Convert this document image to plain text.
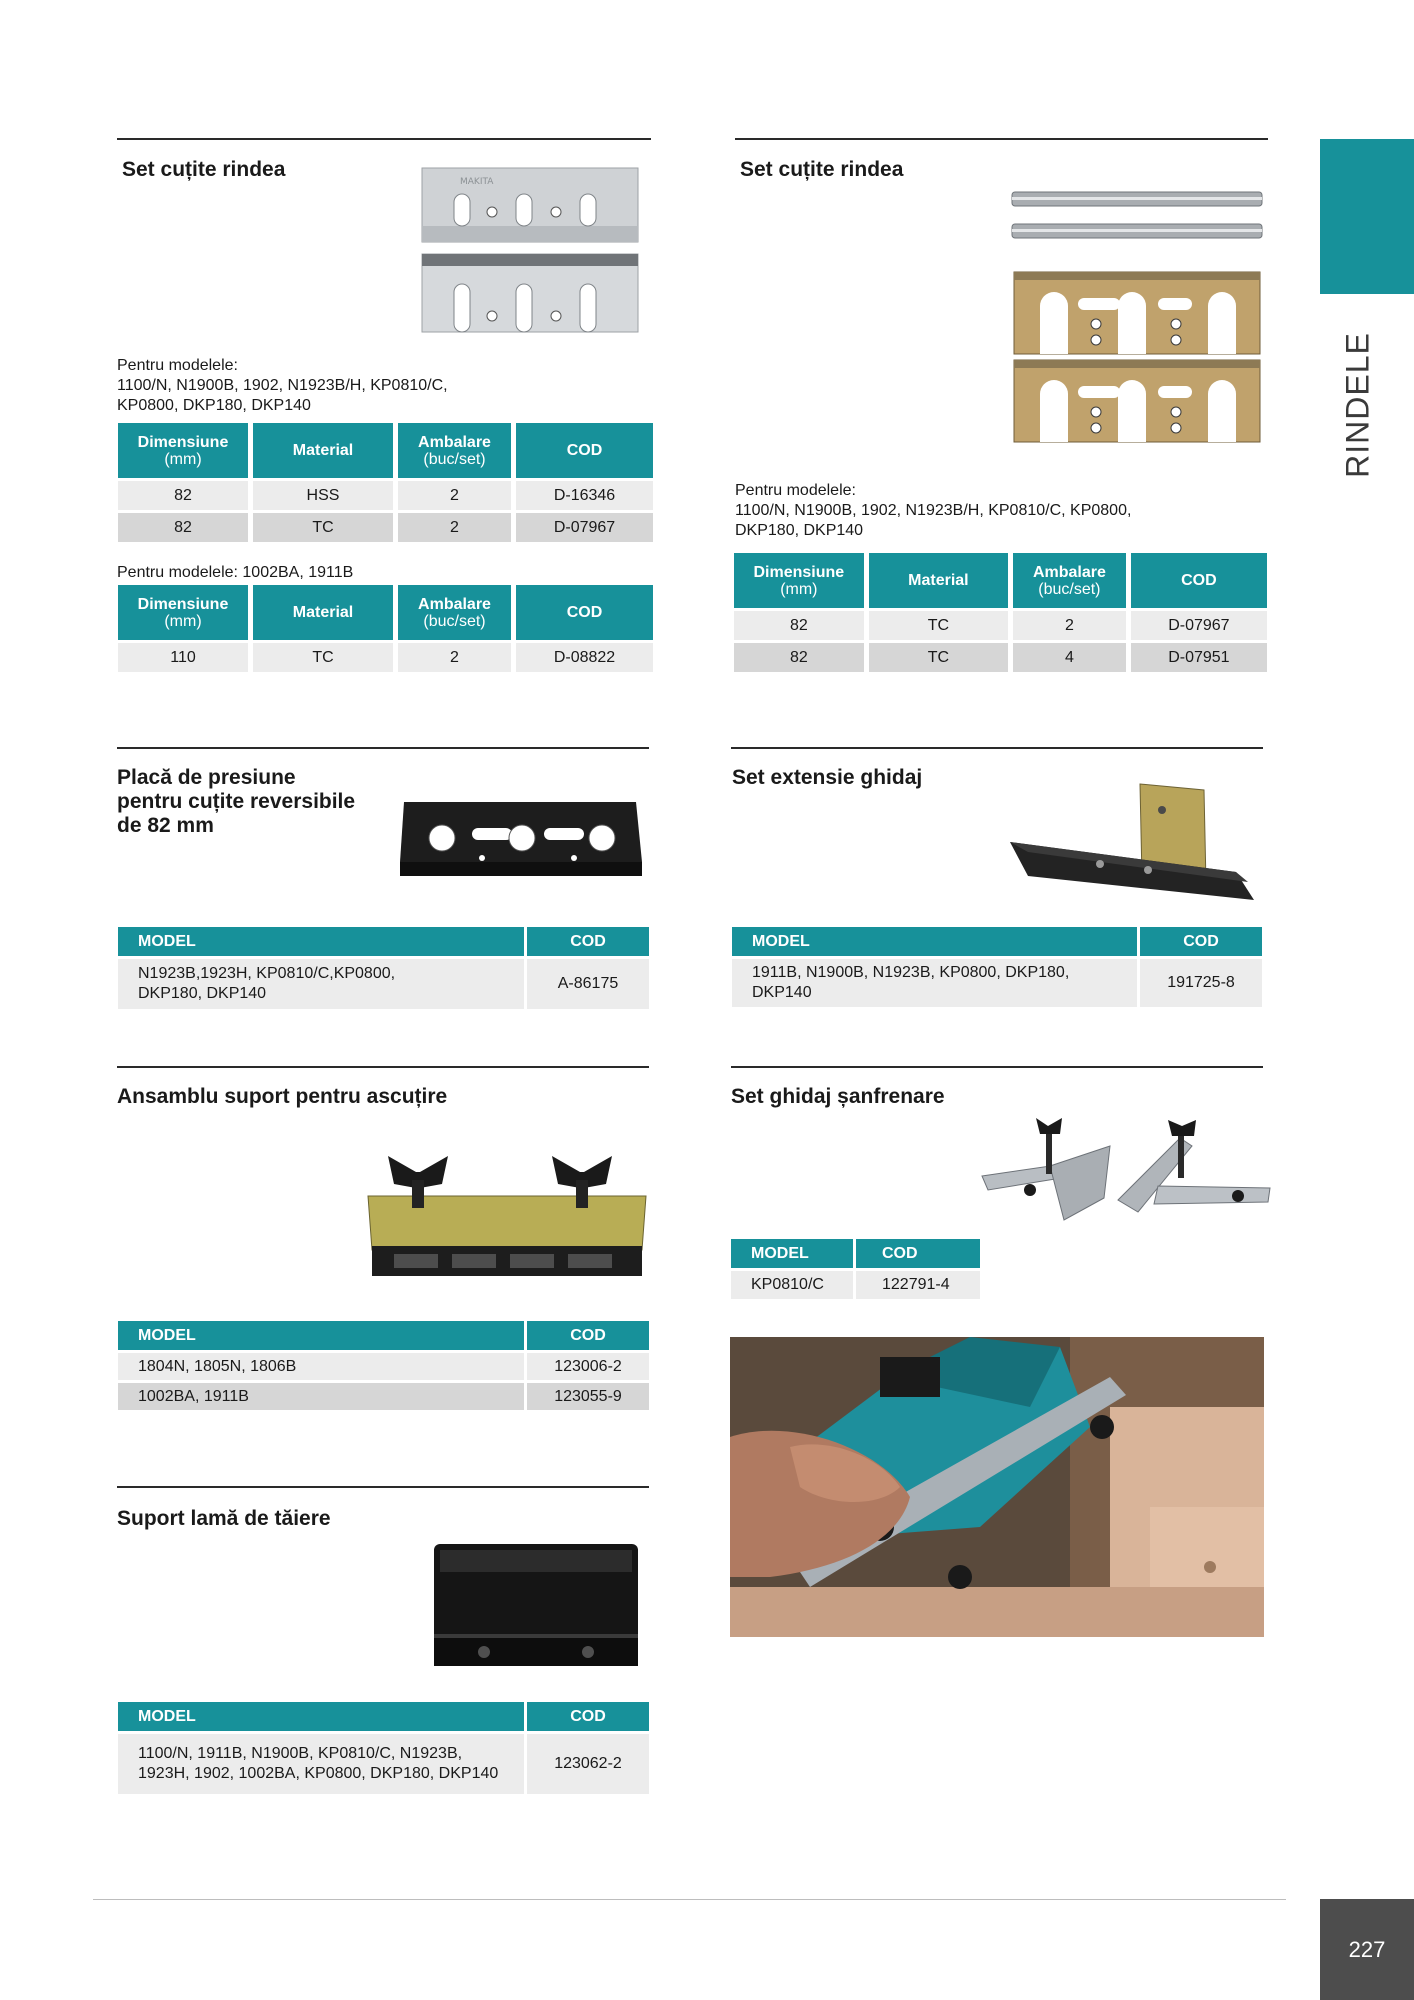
RINDELE
Set cuțite rindea
MAKITA
Pentru modelele:
1100/N, N1900B, 1902, N1923B/H, KP0810/C,
KP0800, DKP180, DKP140
Dimensiune
(mm)	Material	Ambalare
(buc/set)	COD
82	HSS	2	D-16346
82	TC	2	D-07967
Pentru modelele: 1002BA, 1911B
Dimensiune
(mm)	Material	Ambalare
(buc/set)	COD
110	TC	2	D-08822
Set cuțite rindea
Pentru modelele:
1100/N, N1900B, 1902, N1923B/H, KP0810/C, KP0800,
DKP180, DKP140
Dimensiune
(mm)	Material	Ambalare
(buc/set)	COD
82	TC	2	D-07967
82	TC	4	D-07951
Placă de presiune
pentru cuțite reversibile
de 82 mm
MODEL	COD

N1923B,1923H, KP0810/C,KP0800,
DKP180, DKP140	A-86175
Set extensie ghidaj
MODEL	COD

1911B, N1900B, N1923B, KP0800, DKP180,
DKP140	191725-8
Ansamblu suport pentru ascuțire
MODEL	COD
1804N, 1805N, 1806B	123006-2
1002BA, 1911B	123055-9
Set ghidaj șanfrenare
MODEL	COD
KP0810/C	122791-4
Suport lamă de tăiere
MODEL	COD

1100/N, 1911B, N1900B, KP0810/C, N1923B,
1923H, 1902, 1002BA, KP0800, DKP180, DKP140	123062-2
227
